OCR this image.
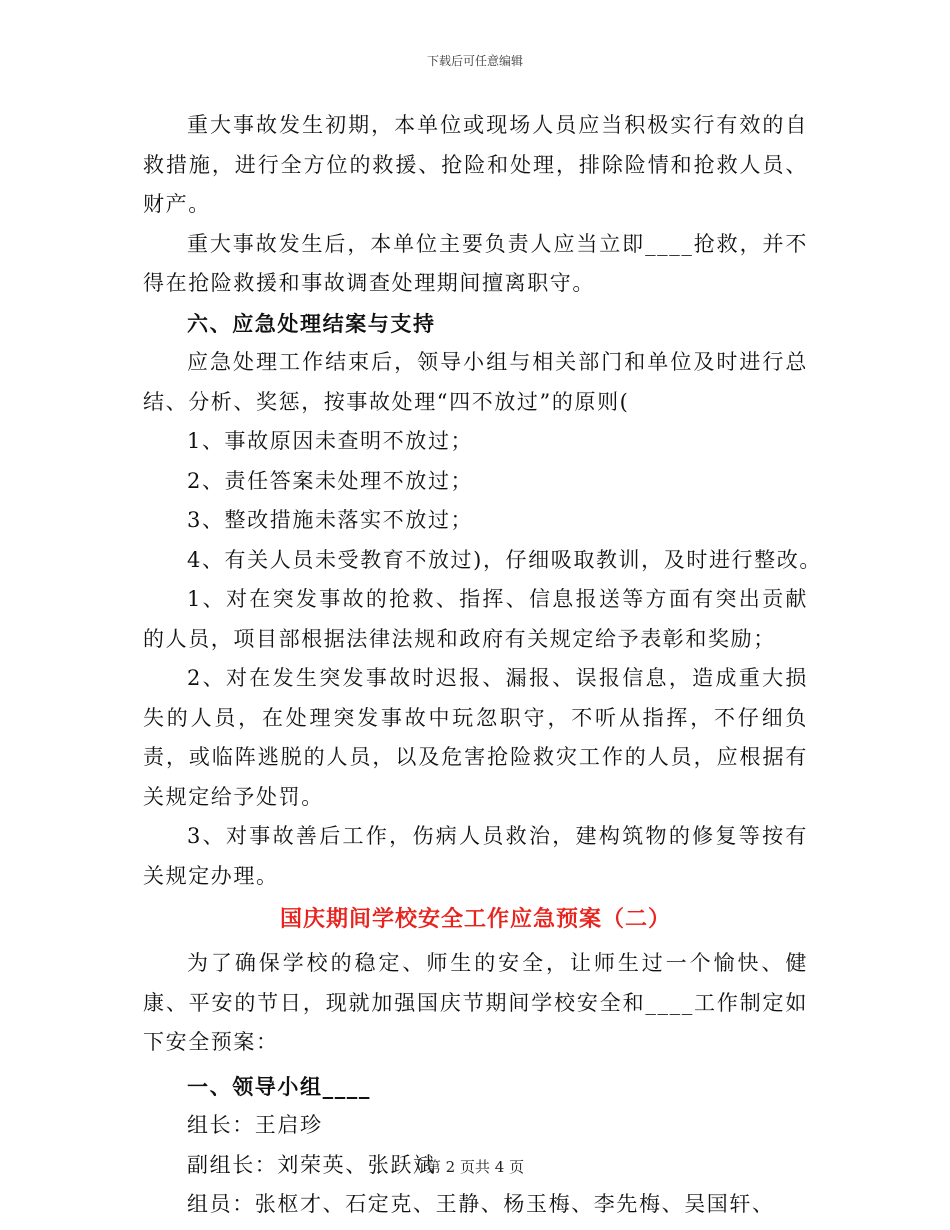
下载后可任意编辑

重大事故发生初期，本单位或现场人员应当积极实行有效的自救措施，进行全方位的救援、抢险和处理，排除险情和抢救人员、财产。

重大事故发生后，本单位主要负责人应当立即____抢救，并不得在抢险救援和事故调查处理期间擅离职守。

六、应急处理结案与支持

应急处理工作结束后，领导小组与相关部门和单位及时进行总结、分析、奖惩，按事故处理“四不放过”的原则(

1、事故原因未查明不放过；

2、责任答案未处理不放过；

3、整改措施未落实不放过；

4、有关人员未受教育不放过)，仔细吸取教训，及时进行整改。

1、对在突发事故的抢救、指挥、信息报送等方面有突出贡献的人员，项目部根据法律法规和政府有关规定给予表彰和奖励；

2、对在发生突发事故时迟报、漏报、误报信息，造成重大损失的人员，在处理突发事故中玩忽职守，不听从指挥，不仔细负责，或临阵逃脱的人员，以及危害抢险救灾工作的人员，应根据有关规定给予处罚。

3、对事故善后工作，伤病人员救治，建构筑物的修复等按有关规定办理。

国庆期间学校安全工作应急预案（二）

为了确保学校的稳定、师生的安全，让师生过一个愉快、健康、平安的节日，现就加强国庆节期间学校安全和____工作制定如下安全预案：

一、领导小组____

组长：王启珍

副组长：刘荣英、张跃斌

组员：张枢才、石定克、王静、杨玉梅、李先梅、吴国轩、

第 2 页共 4 页
